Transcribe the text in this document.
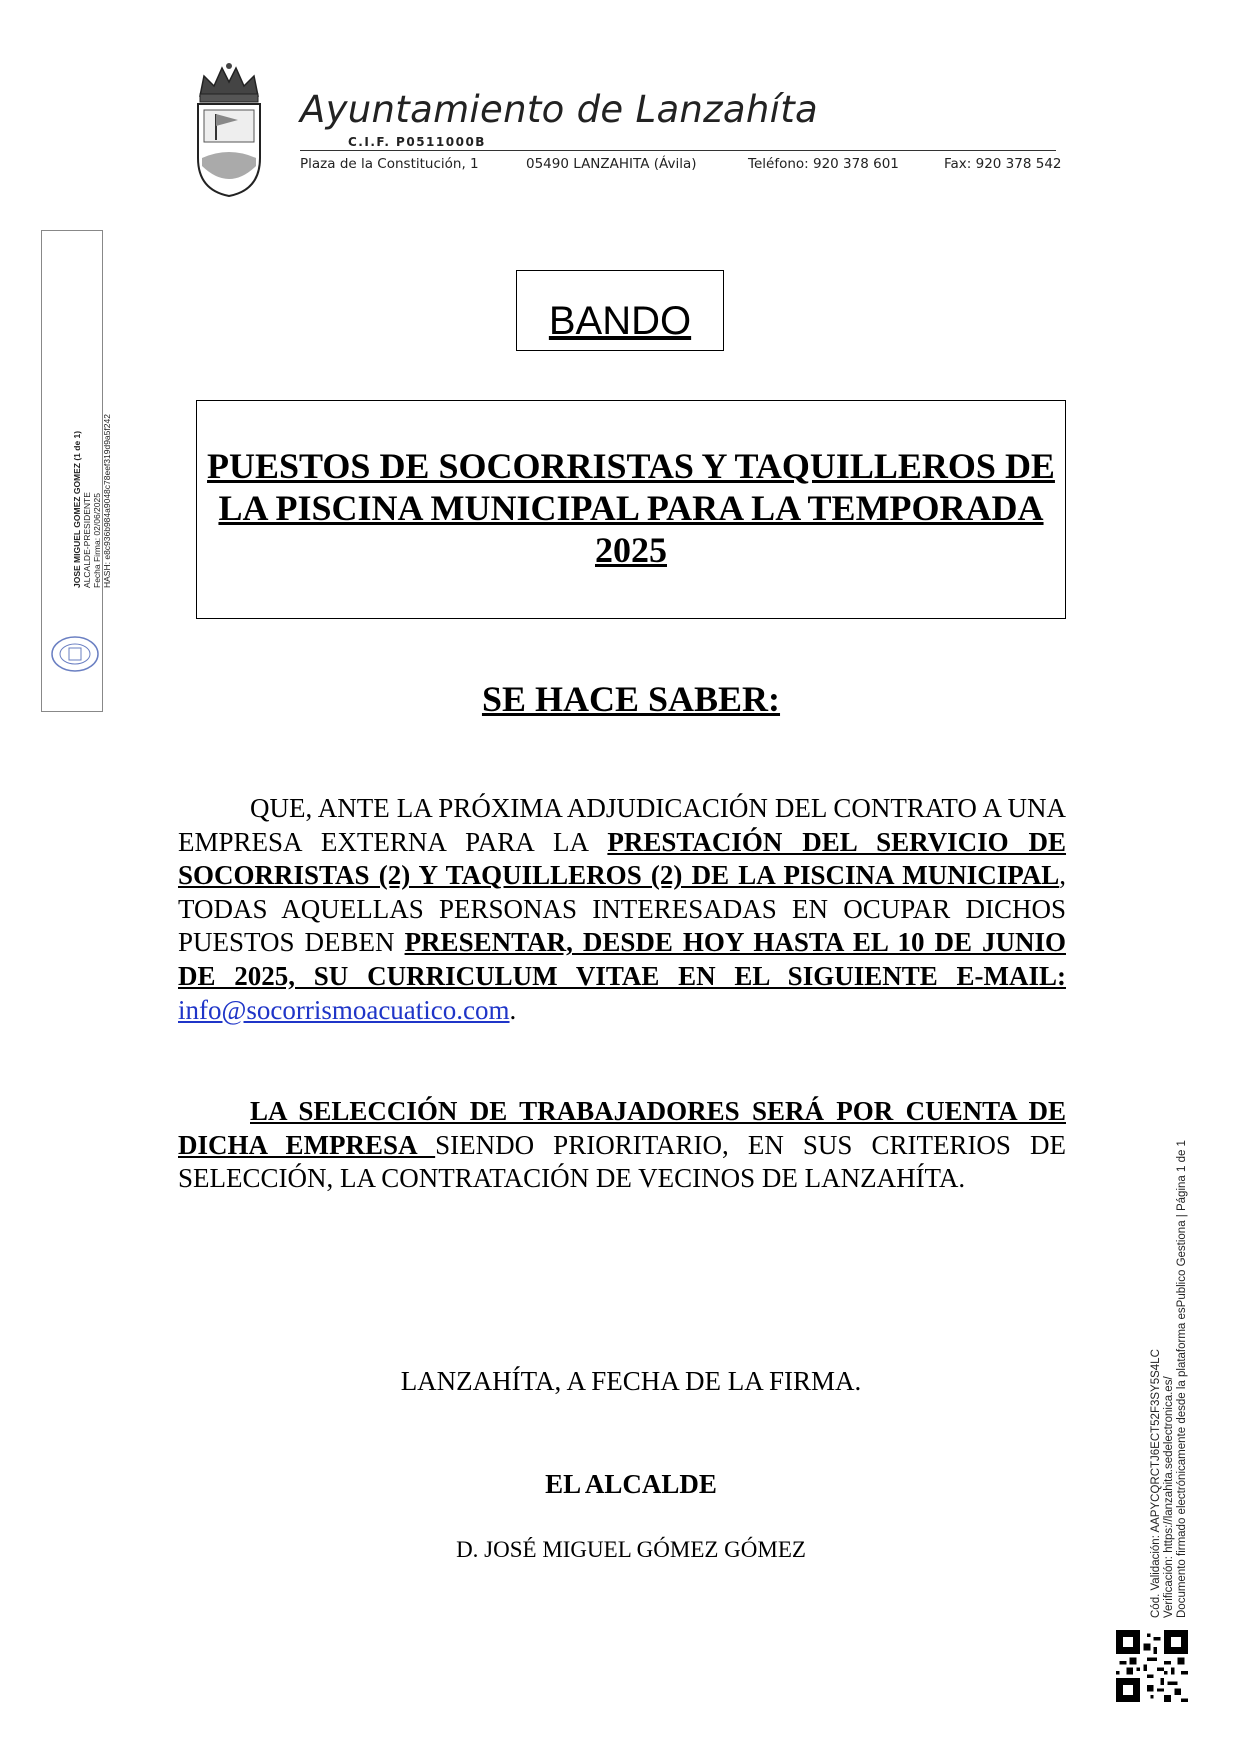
Ayuntamiento de Lanzahíta
C.I.F. P0511000B
Plaza de la Constitución, 1	05490 LANZAHITA (Ávila)	Teléfono: 920 378 601	Fax: 920 378 542
JOSE MIGUEL GOMEZ GOMEZ (1 de 1) ALCALDE-PRESIDENTE Fecha Firma: 02/06/2025 HASH: e8c936b984a9048c78eef319d9a5f242
BANDO
PUESTOS DE SOCORRISTAS Y TAQUILLEROS DE LA PISCINA MUNICIPAL PARA LA TEMPORADA 2025
SE HACE SABER:
QUE, ANTE LA PRÓXIMA ADJUDICACIÓN DEL CONTRATO A UNA EMPRESA EXTERNA PARA LA PRESTACIÓN DEL SERVICIO DE SOCORRISTAS (2) Y TAQUILLEROS (2) DE LA PISCINA MUNICIPAL, TODAS AQUELLAS PERSONAS INTERESADAS EN OCUPAR DICHOS PUESTOS DEBEN PRESENTAR, DESDE HOY HASTA EL 10 DE JUNIO DE 2025, SU CURRICULUM VITAE EN EL SIGUIENTE E-MAIL: info@socorrismoacuatico.com.
LA SELECCIÓN DE TRABAJADORES SERÁ POR CUENTA DE DICHA EMPRESA SIENDO PRIORITARIO, EN SUS CRITERIOS DE SELECCIÓN, LA CONTRATACIÓN DE VECINOS DE LANZAHÍTA.
LANZAHÍTA, A FECHA DE LA FIRMA.
EL ALCALDE
D. JOSÉ MIGUEL GÓMEZ GÓMEZ	Cód. Validación: AAPYCQRCTJ6ECT52F3SY5S4LC Verificación: https://lanzahita.sedelectronica.es/ Documento firmado electrónicamente desde la plataforma esPublico Gestiona | Página 1 de 1
